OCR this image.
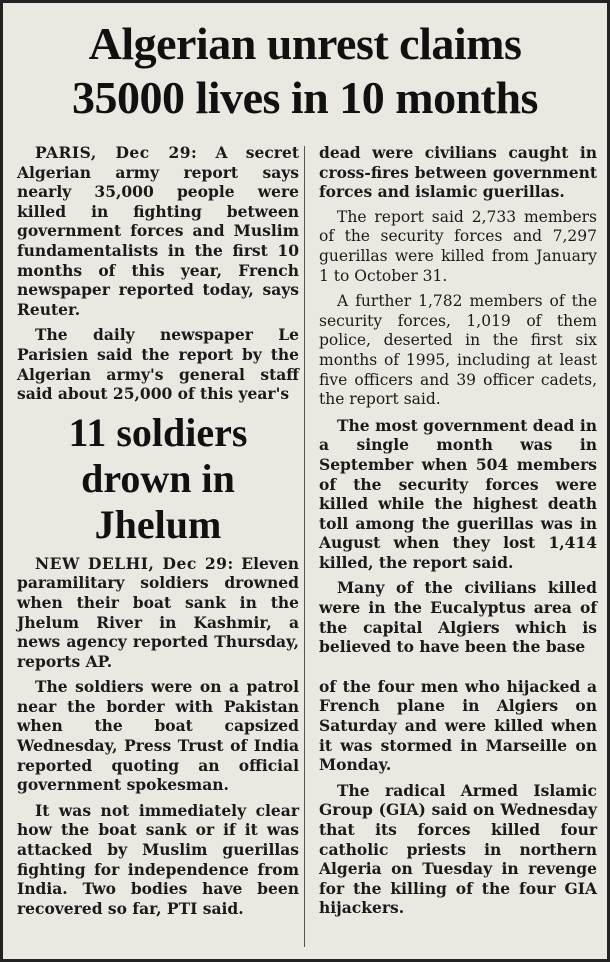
Algerian unrest claims
35000 lives in 10 months

PARIS, Dec 29: A secret Algerian army report says nearly 35,000 people were killed in fighting between government forces and Muslim fundamentalists in the first 10 months of this year, French newspaper reported today, says Reuter.

The daily newspaper Le Parisien said the report by the Algerian army's general staff said about 25,000 of this year's

11 soldiers
drown in
Jhelum

NEW DELHI, Dec 29: Eleven paramilitary soldiers drowned when their boat sank in the Jhelum River in Kashmir, a news agency reported Thursday, reports AP.

The soldiers were on a patrol near the border with Pakistan when the boat capsized Wednesday, Press Trust of India reported quoting an official government spokesman.

It was not immediately clear how the boat sank or if it was attacked by Muslim guerillas fighting for independence from India. Two bodies have been recovered so far, PTI said.

dead were civilians caught in cross-fires between government forces and islamic guerillas.

The report said 2,733 members of the security forces and 7,297 guerillas were killed from January 1 to October 31.

A further 1,782 members of the security forces, 1,019 of them police, deserted in the first six months of 1995, including at least five officers and 39 officer cadets, the report said.

The most government dead in a single month was in September when 504 members of the security forces were killed while the highest death toll among the guerillas was in August when they lost 1,414 killed, the report said.

Many of the civilians killed were in the Eucalyptus area of the capital Algiers which is believed to have been the base

of the four men who hijacked a French plane in Algiers on Saturday and were killed when it was stormed in Marseille on Monday.

The radical Armed Islamic Group (GIA) said on Wednesday that its forces killed four catholic priests in northern Algeria on Tuesday in revenge for the killing of the four GIA hijackers.
